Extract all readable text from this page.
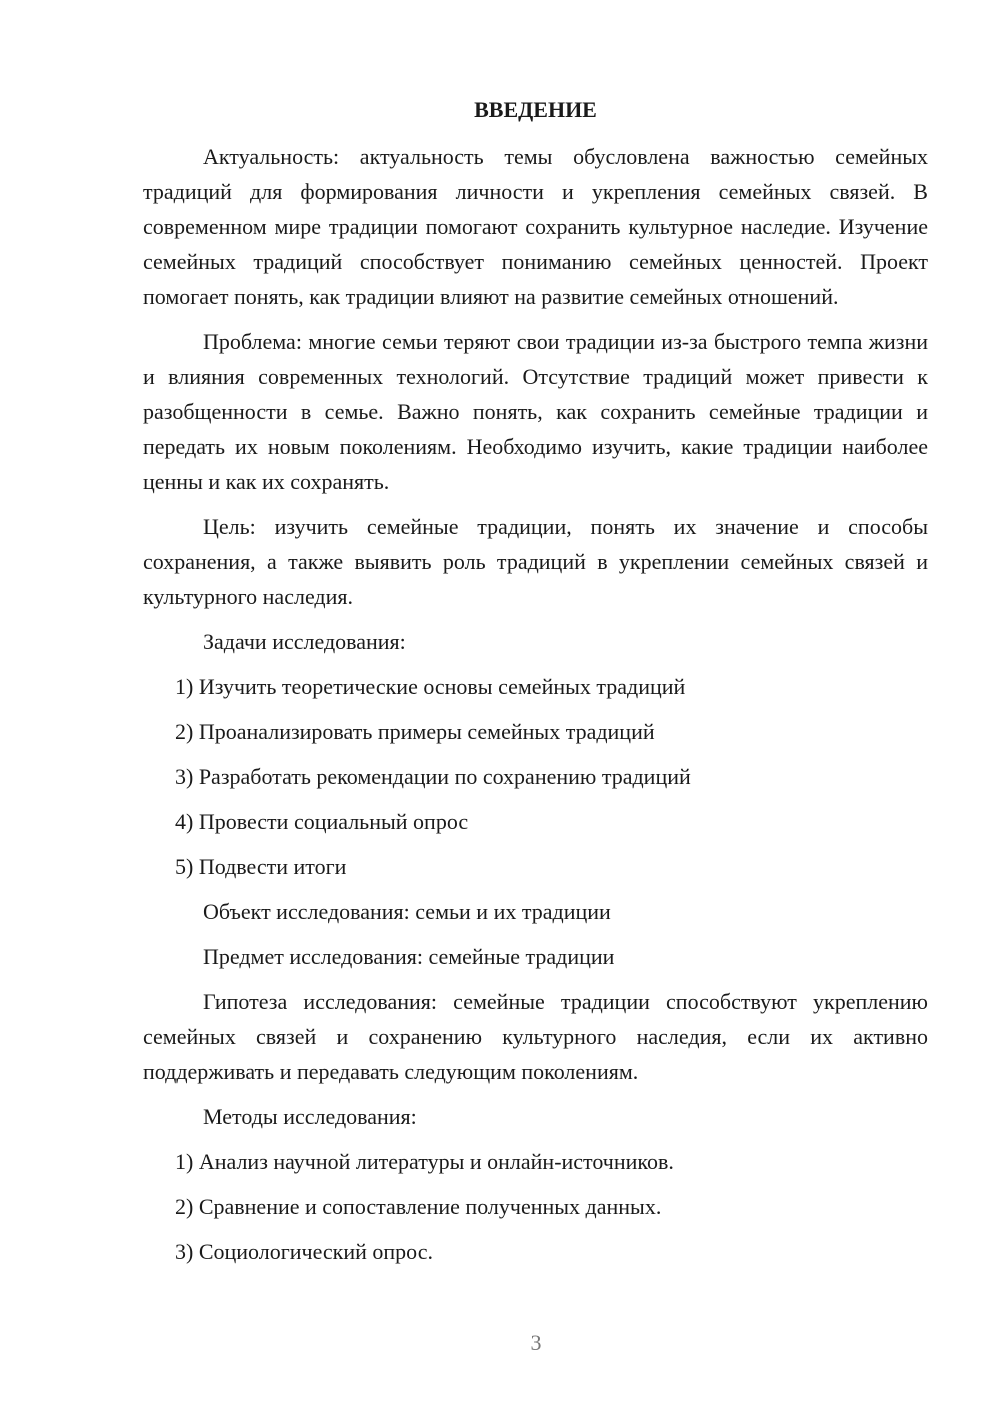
ВВЕДЕНИЕ

Актуальность: актуальность темы обусловлена важностью семейных традиций для формирования личности и укрепления семейных связей. В современном мире традиции помогают сохранить культурное наследие. Изучение семейных традиций способствует пониманию семейных ценностей. Проект помогает понять, как традиции влияют на развитие семейных отношений.

Проблема: многие семьи теряют свои традиции из-за быстрого темпа жизни и влияния современных технологий. Отсутствие традиций может привести к разобщенности в семье. Важно понять, как сохранить семейные традиции и передать их новым поколениям. Необходимо изучить, какие традиции наиболее ценны и как их сохранять.

Цель: изучить семейные традиции, понять их значение и способы сохранения, а также выявить роль традиций в укреплении семейных связей и культурного наследия.

Задачи исследования:

1) Изучить теоретические основы семейных традиций

2) Проанализировать примеры семейных традиций

3) Разработать рекомендации по сохранению традиций

4) Провести социальный опрос

5) Подвести итоги

Объект исследования: семьи и их традиции

Предмет исследования: семейные традиции

Гипотеза исследования: семейные традиции способствуют укреплению семейных связей и сохранению культурного наследия, если их активно поддерживать и передавать следующим поколениям.

Методы исследования:

1) Анализ научной литературы и онлайн-источников.

2) Сравнение и сопоставление полученных данных.

3) Социологический опрос.

3
